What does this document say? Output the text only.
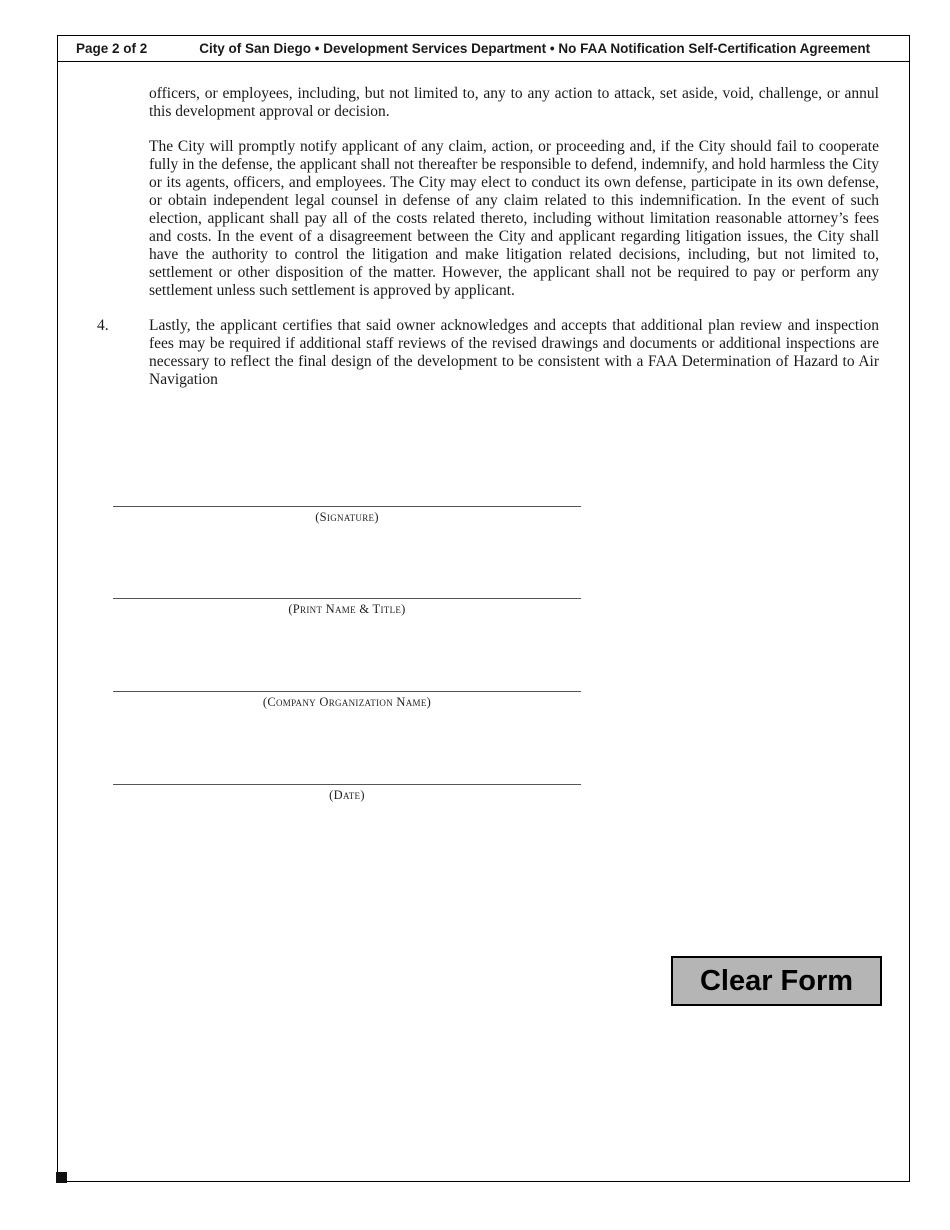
Page 2 of 2	City of San Diego • Development Services Department • No FAA Notification Self-Certification Agreement

officers, or employees, including, but not limited to, any to any action to attack, set aside, void, challenge, or annul this development approval or decision.

The City will promptly notify applicant of any claim, action, or proceeding and, if the City should fail to cooperate fully in the defense, the applicant shall not thereafter be responsible to defend, indemnify, and hold harmless the City or its agents, officers, and employees. The City may elect to conduct its own defense, participate in its own defense, or obtain independent legal counsel in defense of any claim related to this indemnification. In the event of such election, applicant shall pay all of the costs related thereto, including without limitation reasonable attorney’s fees and costs. In the event of a disagreement between the City and applicant regarding litigation issues, the City shall have the authority to control the litigation and make litigation related decisions, including, but not limited to, settlement or other disposition of the matter. However, the applicant shall not be required to pay or perform any settlement unless such settlement is approved by applicant.

4.	Lastly, the applicant certifies that said owner acknowledges and accepts that additional plan review and inspection fees may be required if additional staff reviews of the revised drawings and documents or additional inspections are necessary to reflect the final design of the development to be consistent with a FAA Determination of Hazard to Air Navigation

(Signature)
(Print Name & Title)
(Company Organization Name)
(Date)
Clear Form
